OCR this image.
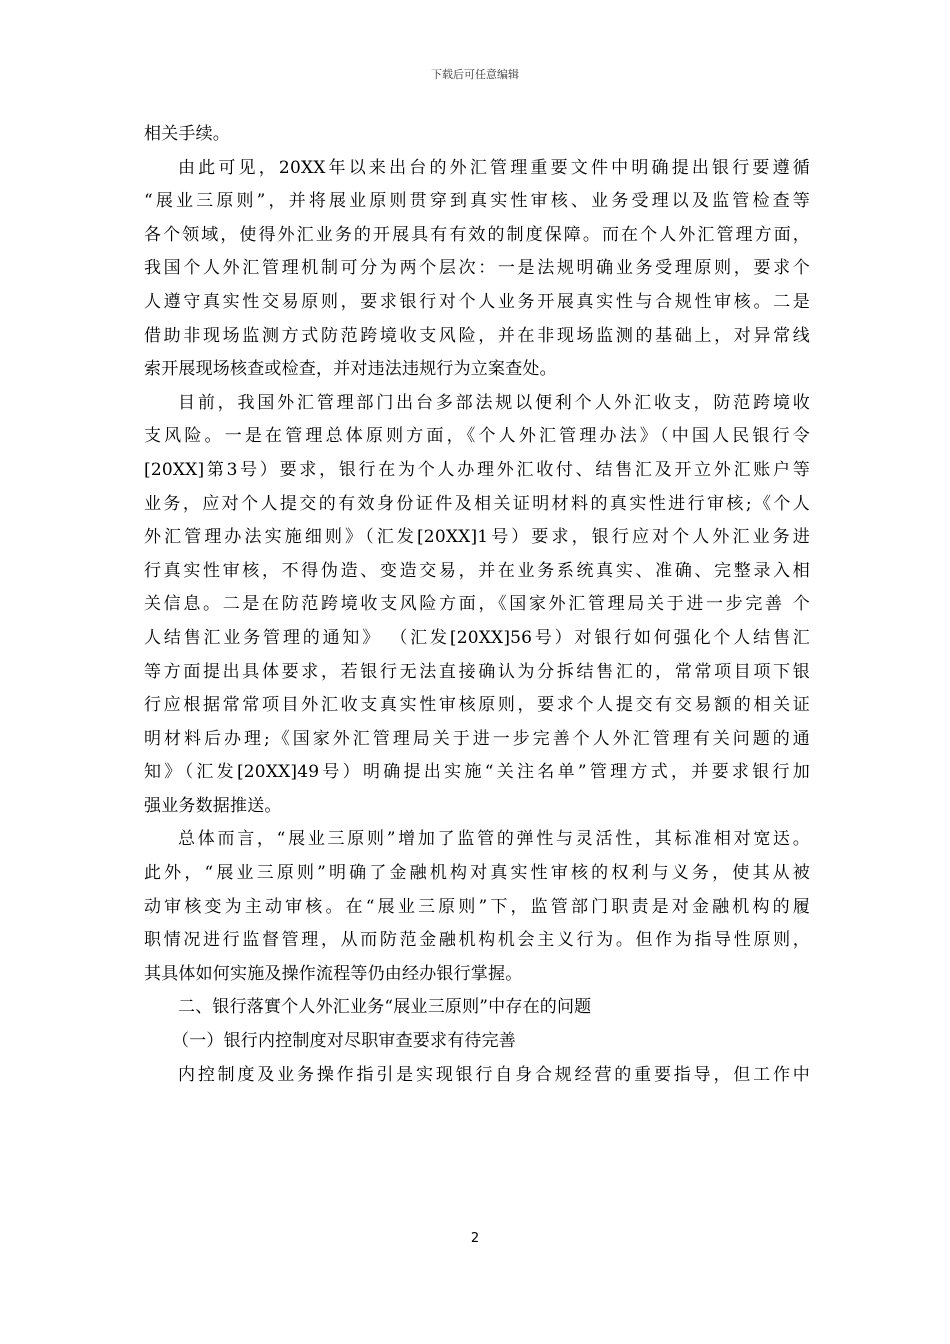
下载后可任意编辑
相关手续。
由此可见，20XX年以来出台的外汇管理重要文件中明确提出银行要遵循
“展业三原则”，并将展业原则贯穿到真实性审核、业务受理以及监管检查等
各个领域，使得外汇业务的开展具有有效的制度保障。而在个人外汇管理方面，
我国个人外汇管理机制可分为两个层次：一是法规明确业务受理原则，要求个
人遵守真实性交易原则，要求银行对个人业务开展真实性与合规性审核。二是
借助非现场监测方式防范跨境收支风险，并在非现场监测的基础上，对异常线
索开展现场核查或检查，并对违法违规行为立案查处。
目前，我国外汇管理部门出台多部法规以便利个人外汇收支，防范跨境收
支风险。一是在管理总体原则方面，《个人外汇管理办法》（中国人民银行令
[20XX]第3号）要求，银行在为个人办理外汇收付、结售汇及开立外汇账户等
业务，应对个人提交的有效身份证件及相关证明材料的真实性进行审核;《个人
外汇管理办法实施细则》（汇发[20XX]1号）要求，银行应对个人外汇业务进
行真实性审核，不得伪造、变造交易，并在业务系统真实、准确、完整录入相
关信息。二是在防范跨境收支风险方面，《国家外汇管理局关于进一步完善 个
人结售汇业务管理的通知》 （汇发[20XX]56号）对银行如何强化个人结售汇
等方面提出具体要求，若银行无法直接确认为分拆结售汇的，常常项目项下银
行应根据常常项目外汇收支真实性审核原则，要求个人提交有交易额的相关证
明材料后办理;《国家外汇管理局关于进一步完善个人外汇管理有关问题的通
知》（汇发[20XX]49号）明确提出实施“关注名单”管理方式，并要求银行加
强业务数据推送。
总体而言，“展业三原则”增加了监管的弹性与灵活性，其标准相对宽迗。
此外，“展业三原则”明确了金融机构对真实性审核的权利与义务，使其从被
动审核变为主动审核。在“展业三原则”下，监管部门职责是对金融机构的履
职情况进行监督管理，从而防范金融机构机会主义行为。但作为指导性原则，
其具体如何实施及操作流程等仍由经办银行掌握。
二、银行落實个人外汇业务“展业三原则”中存在的问题
（一）银行内控制度对尽职审查要求有待完善
内控制度及业务操作指引是实现银行自身合规经营的重要指导，但工作中
2
